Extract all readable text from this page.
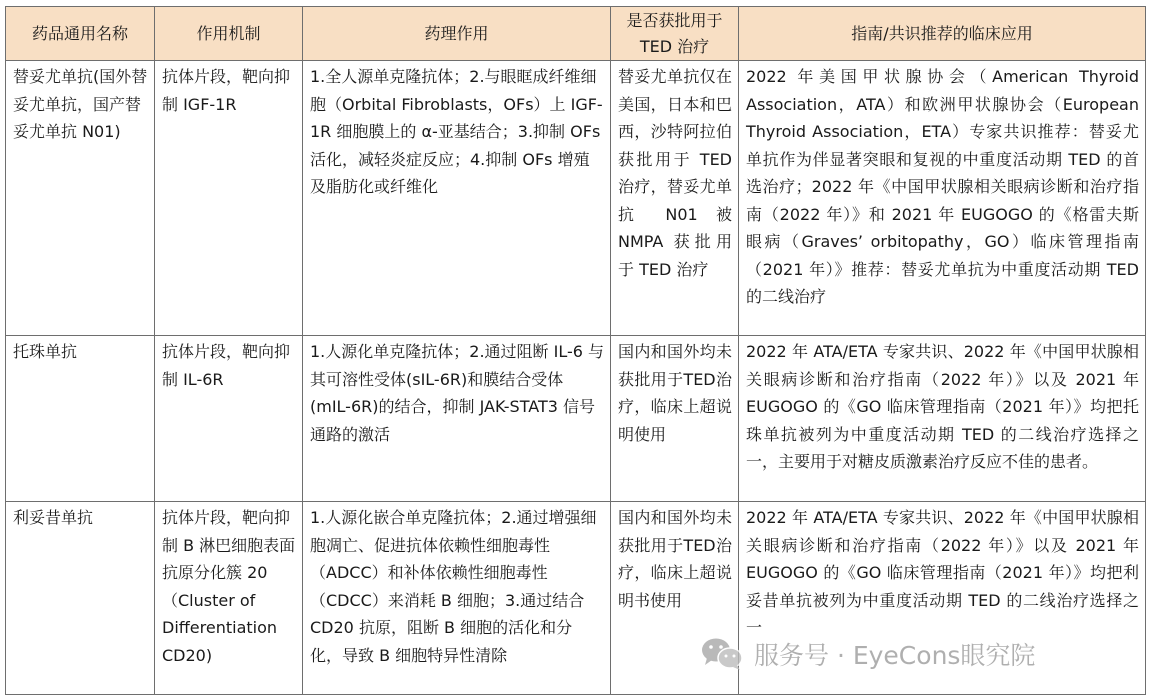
药品通用名称	作用机制	药理作用	是否获批用于 TED 治疗	指南/共识推荐的临床应用
替妥尤单抗(国外替妥尤单抗，国产替妥尤单抗 N01)	抗体片段，靶向抑制 IGF-1R	1.全人源单克隆抗体；2.与眼眶成纤维细胞（Orbital Fibroblasts，OFs）上 IGF-1R 细胞膜上的 α-亚基结合；3.抑制 OFs 活化，减轻炎症反应；4.抑制 OFs 增殖及脂肪化或纤维化	替妥尤单抗仅在美国，日本和巴西，沙特阿拉伯获批用于 TED 治疗，替妥尤单抗 N01 被 NMPA 获批用于 TED 治疗	2022 年美国甲状腺协会（American Thyroid Association，ATA）和欧洲甲状腺协会（European Thyroid Association，ETA）专家共识推荐：替妥尤单抗作为伴显著突眼和复视的中重度活动期 TED 的首选治疗；2022 年《中国甲状腺相关眼病诊断和治疗指南（2022 年）》和 2021 年 EUGOGO 的《格雷夫斯眼病（Graves’ orbitopathy，GO）临床管理指南（2021 年）》推荐：替妥尤单抗为中重度活动期 TED 的二线治疗
托珠单抗	抗体片段，靶向抑制 IL-6R	1.人源化单克隆抗体；2.通过阻断 IL-6 与其可溶性受体(sIL-6R)和膜结合受体(mIL-6R)的结合，抑制 JAK-STAT3 信号通路的激活	国内和国外均未获批用于TED治疗，临床上超说明使用	2022 年 ATA/ETA 专家共识、2022 年《中国甲状腺相关眼病诊断和治疗指南（2022 年）》以及 2021 年 EUGOGO 的《GO 临床管理指南（2021 年）》均把托珠单抗被列为中重度活动期 TED 的二线治疗选择之一，主要用于对糖皮质激素治疗反应不佳的患者。
利妥昔单抗	抗体片段，靶向抑制 B 淋巴细胞表面抗原分化簇 20（Cluster of Differentiation CD20)	1.人源化嵌合单克隆抗体；2.通过增强细胞凋亡、促进抗体依赖性细胞毒性（ADCC）和补体依赖性细胞毒性（CDCC）来消耗 B 细胞；3.通过结合 CD20 抗原，阻断 B 细胞的活化和分化，导致 B 细胞特异性清除	国内和国外均未获批用于TED治疗，临床上超说明书使用	2022 年 ATA/ETA 专家共识、2022 年《中国甲状腺相关眼病诊断和治疗指南（2022 年）》以及 2021 年 EUGOGO 的《GO 临床管理指南（2021 年）》均把利妥昔单抗被列为中重度活动期 TED 的二线治疗选择之一
服务号 · EyeCons眼究院
